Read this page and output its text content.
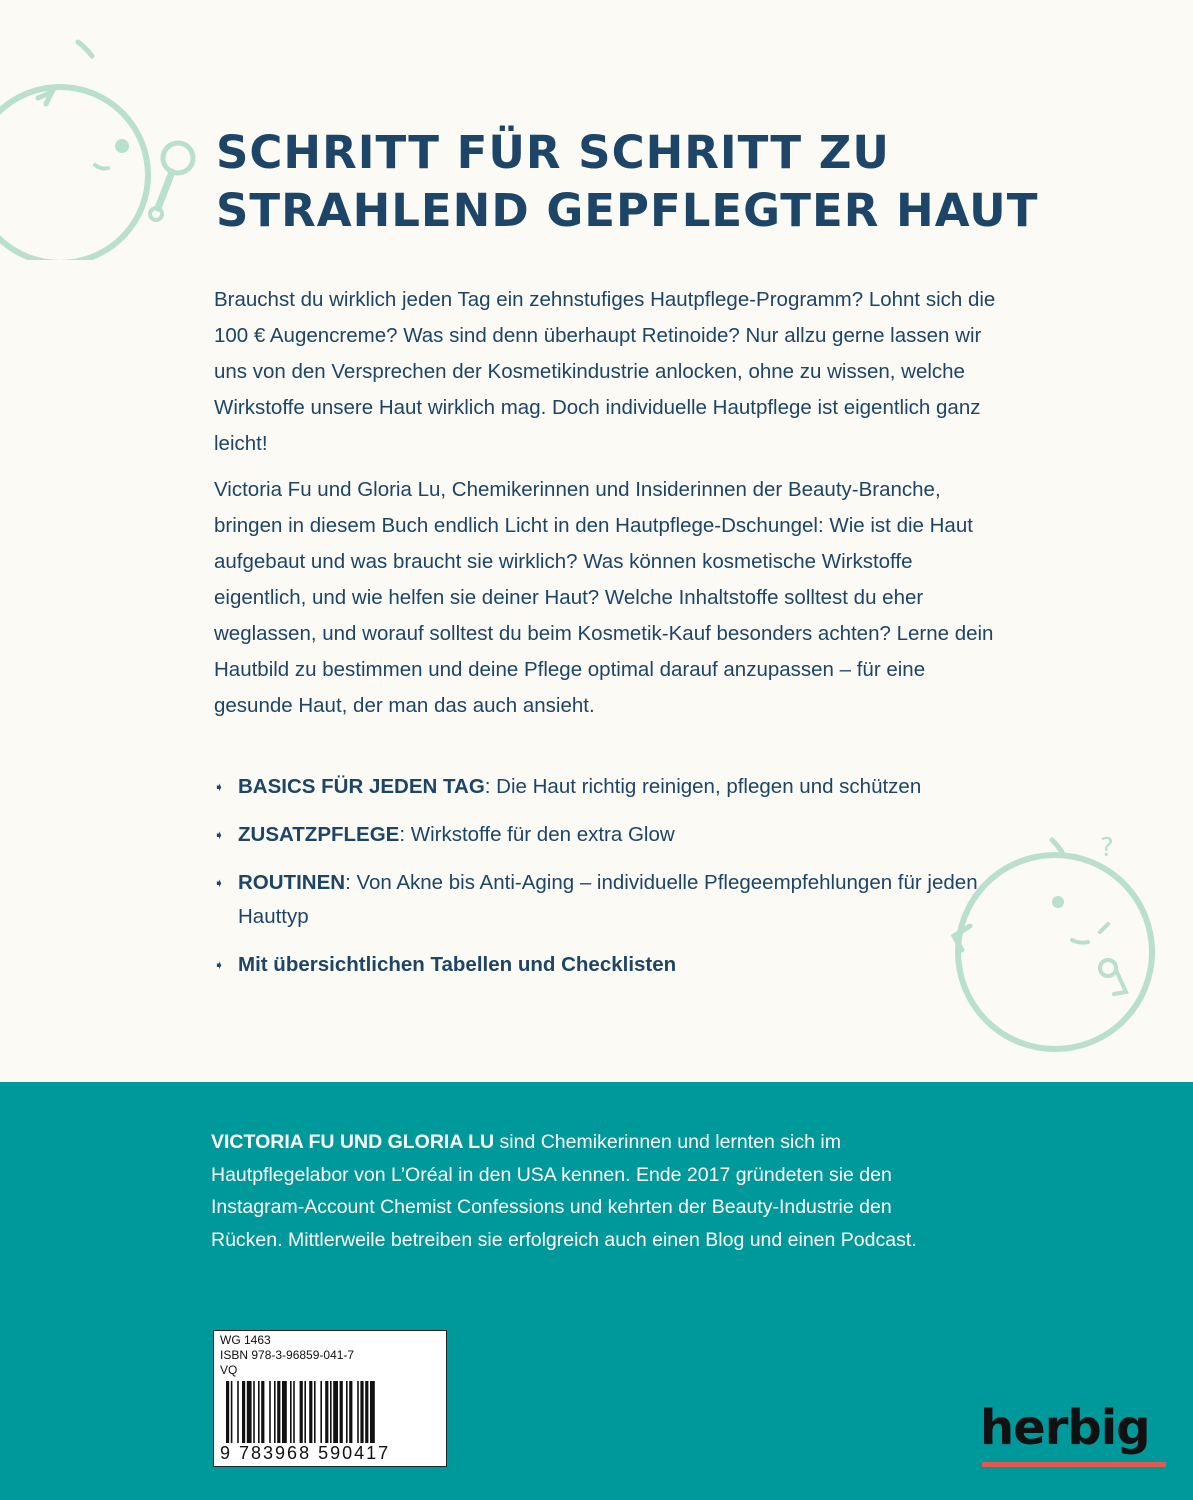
?
SCHRITT FÜR SCHRITT ZU
STRAHLEND GEPFLEGTER HAUT

Brauchst du wirklich jeden Tag ein zehnstufiges Hautpflege-Programm? Lohnt sich die 100 € Augencreme? Was sind denn überhaupt Retinoide? Nur allzu gerne lassen wir uns von den Versprechen der Kosmetikindustrie anlocken, ohne zu wissen, welche Wirkstoffe unsere Haut wirklich mag. Doch individuelle Hautpflege ist eigentlich ganz leicht!

Victoria Fu und Gloria Lu, Chemikerinnen und Insiderinnen der Beauty-Branche, bringen in diesem Buch endlich Licht in den Hautpflege-Dschungel: Wie ist die Haut aufgebaut und was braucht sie wirklich? Was können kosmetische Wirkstoffe eigentlich, und wie helfen sie deiner Haut? Welche Inhaltstoffe solltest du eher weglassen, und worauf solltest du beim Kosmetik-Kauf besonders achten? Lerne dein Hautbild zu bestimmen und deine Pflege optimal darauf anzupassen – für eine gesunde Haut, der man das auch ansieht.

➧ BASICS FÜR JEDEN TAG: Die Haut richtig reinigen, pflegen und schützen
➧ ZUSATZPFLEGE: Wirkstoffe für den extra Glow
➧ ROUTINEN: Von Akne bis Anti-Aging – individuelle Pflegeempfehlungen für jeden Hauttyp
➧ Mit übersichtlichen Tabellen und Checklisten

VICTORIA FU UND GLORIA LU sind Chemikerinnen und lernten sich im Hautpflegelabor von L’Oréal in den USA kennen. Ende 2017 gründeten sie den Instagram-Account Chemist Confessions und kehrten der Beauty-Industrie den Rücken. Mittlerweile betreiben sie erfolgreich auch einen Blog und einen Podcast.

WG 1463
ISBN 978-3-96859-041-7
VQ
9 783968 590417	herbig
